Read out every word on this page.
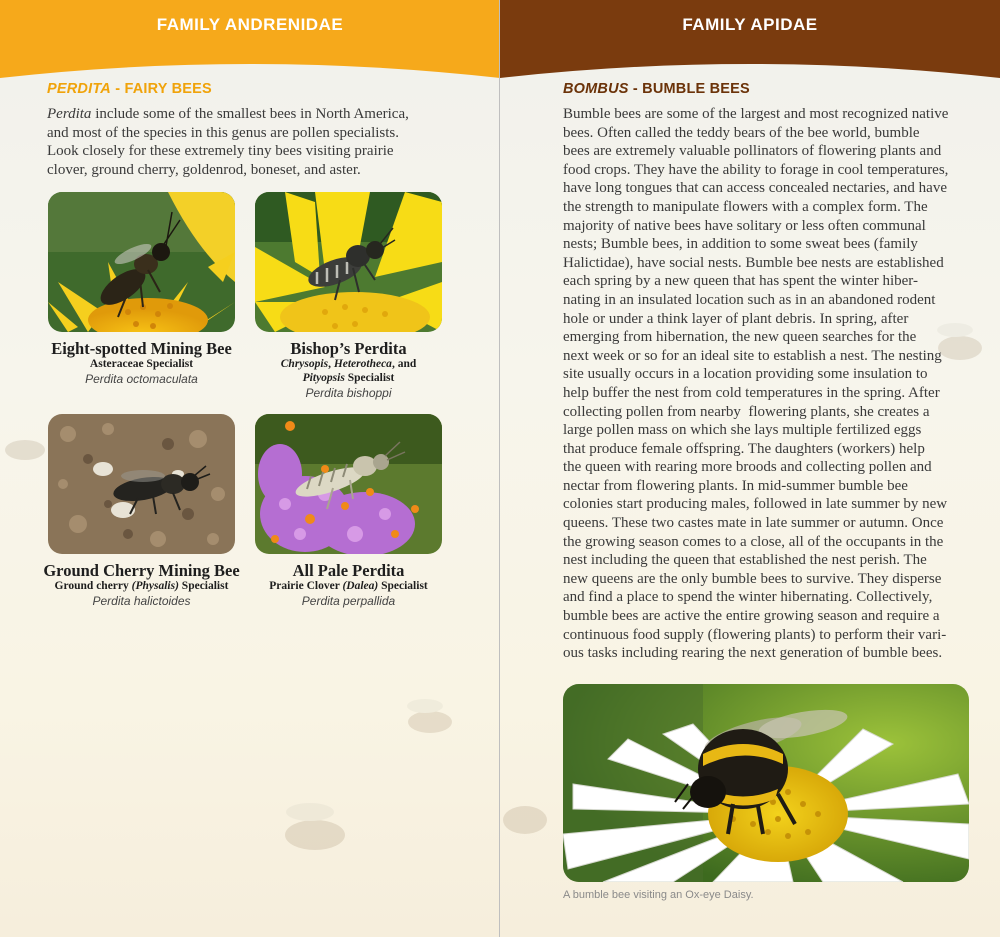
FAMILY ANDRENIDAE
PERDITA - FAIRY BEES
Perdita include some of the smallest bees in North America,
and most of the species in this genus are pollen specialists.
Look closely for these extremely tiny bees visiting prairie
clover, ground cherry, goldenrod, boneset, and aster.
Eight-spotted Mining Bee
Asteraceae Specialist
Perdita octomaculata
Bishop’s Perdita
Chrysopis, Heterotheca, and
Pityopsis Specialist
Perdita bishoppi
Ground Cherry Mining Bee
Ground cherry (Physalis) Specialist
Perdita halictoides
All Pale Perdita
Prairie Clover (Dalea) Specialist
Perdita perpallida
FAMILY APIDAE
BOMBUS - BUMBLE BEES
Bumble bees are some of the largest and most recognized native
bees. Often called the teddy bears of the bee world, bumble
bees are extremely valuable pollinators of flowering plants and
food crops. They have the ability to forage in cool temperatures,
have long tongues that can access concealed nectaries, and have
the strength to manipulate flowers with a complex form. The
majority of native bees have solitary or less often communal
nests; Bumble bees, in addition to some sweat bees (family
Halictidae), have social nests. Bumble bee nests are established
each spring by a new queen that has spent the winter hiber-
nating in an insulated location such as in an abandoned rodent
hole or under a think layer of plant debris. In spring, after
emerging from hibernation, the new queen searches for the
next week or so for an ideal site to establish a nest. The nesting
site usually occurs in a location providing some insulation to
help buffer the nest from cold temperatures in the spring. After
collecting pollen from nearby  flowering plants, she creates a
large pollen mass on which she lays multiple fertilized eggs
that produce female offspring. The daughters (workers) help
the queen with rearing more broods and collecting pollen and
nectar from flowering plants. In mid-summer bumble bee
colonies start producing males, followed in late summer by new
queens. These two castes mate in late summer or autumn. Once
the growing season comes to a close, all of the occupants in the
nest including the queen that established the nest perish. The
new queens are the only bumble bees to survive. They disperse
and find a place to spend the winter hibernating. Collectively,
bumble bees are active the entire growing season and require a
continuous food supply (flowering plants) to perform their vari-
ous tasks including rearing the next generation of bumble bees.
A bumble bee visiting an Ox-eye Daisy.
